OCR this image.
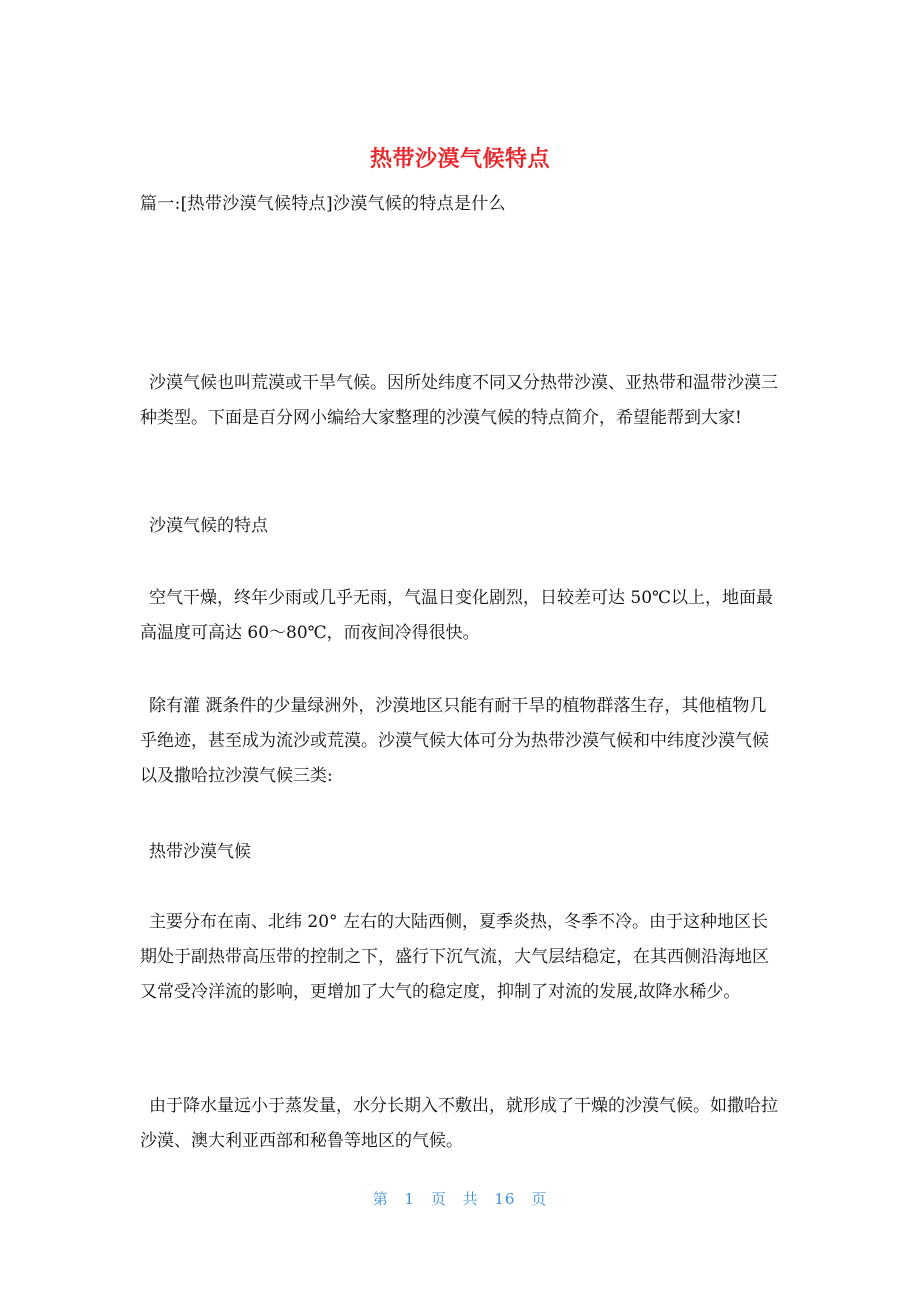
热带沙漠气候特点
篇一:[热带沙漠气候特点]沙漠气候的特点是什么

沙漠气候也叫荒漠或干旱气候。因所处纬度不同又分热带沙漠、亚热带和温带沙漠三种类型。下面是百分网小编给大家整理的沙漠气候的特点简介，希望能帮到大家!

沙漠气候的特点

空气干燥，终年少雨或几乎无雨，气温日变化剧烈，日较差可达 50℃以上，地面最高温度可高达 60～80℃，而夜间冷得很快。

除有灌 溉条件的少量绿洲外，沙漠地区只能有耐干旱的植物群落生存，其他植物几乎绝迹，甚至成为流沙或荒漠。沙漠气候大体可分为热带沙漠气候和中纬度沙漠气候以及撒哈拉沙漠气候三类:

热带沙漠气候

主要分布在南、北纬 20° 左右的大陆西侧，夏季炎热，冬季不冷。由于这种地区长期处于副热带高压带的控制之下，盛行下沉气流，大气层结稳定，在其西侧沿海地区又常受冷洋流的影响，更增加了大气的稳定度，抑制了对流的发展,故降水稀少。

由于降水量远小于蒸发量，水分长期入不敷出，就形成了干燥的沙漠气候。如撒哈拉沙漠、澳大利亚西部和秘鲁等地区的气候。

第 1 页 共 16 页
